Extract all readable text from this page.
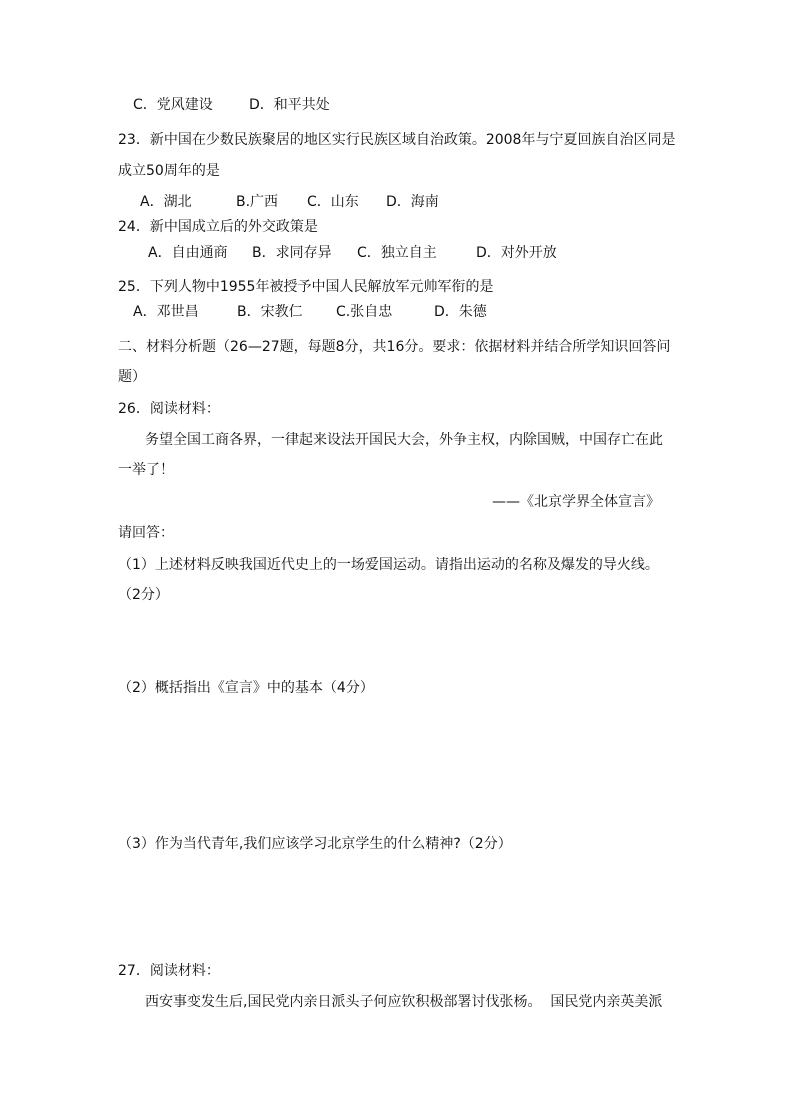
C．党风建设	D．和平共处
23．新中国在少数民族聚居的地区实行民族区域自治政策。2008年与宁夏回族自治区同是
成立50周年的是
A．湖北	B.广西 C．山东 D．海南
24．新中国成立后的外交政策是
A．自由通商 B．求同存异 C．独立自主	D．对外开放
25．下列人物中1955年被授予中国人民解放军元帅军衔的是
A．邓世昌	B．宋教仁 C.张自忠	D．朱德
二、材料分析题（26—27题，每题8分，共16分。要求：依据材料并结合所学知识回答问
题）
26．阅读材料：
务望全国工商各界，一律起来设法开国民大会，外争主权，内除国贼，中国存亡在此
一举了！
——《北京学界全体宣言》
请回答：
（1）上述材料反映我国近代史上的一场爱国运动。请指出运动的名称及爆发的导火线。
（2分）
（2）概括指出《宣言》中的基本（4分）
（3）作为当代青年,我们应该学习北京学生的什么精神?（2分）
27．阅读材料：
西安事变发生后,国民党内亲日派头子何应钦积极部署讨伐张杨。  国民党内亲英美派
